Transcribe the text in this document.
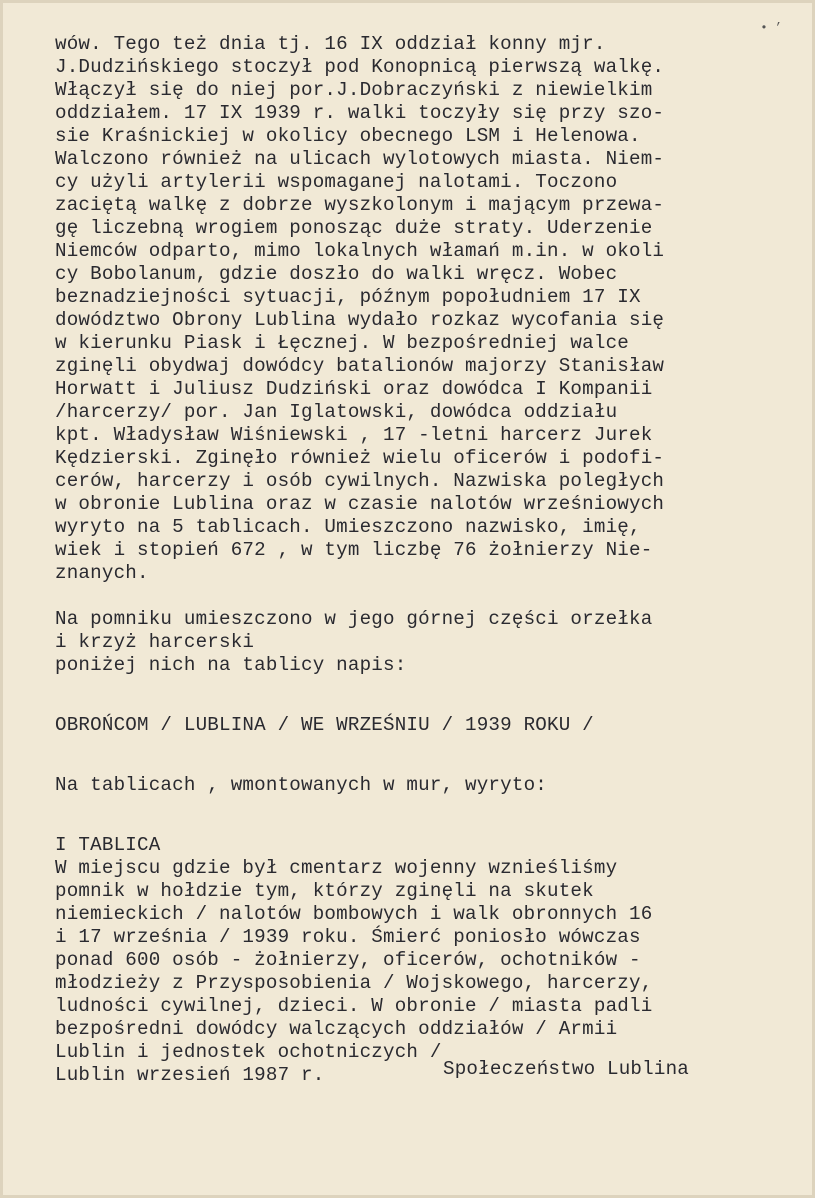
• ’
wów. Tego też dnia tj. 16 IX oddział konny mjr.
J.Dudzińskiego stoczył pod Konopnicą pierwszą walkę.
Włączył się do niej por.J.Dobraczyński z niewielkim
oddziałem. 17 IX 1939 r. walki toczyły się przy szo-
sie Kraśnickiej w okolicy obecnego LSM i Helenowa.
Walczono również na ulicach wylotowych miasta. Niem-
cy użyli artylerii wspomaganej nalotami. Toczono
zaciętą walkę z dobrze wyszkolonym i mającym przewa-
gę liczebną wrogiem ponosząc duże straty. Uderzenie
Niemców odparto, mimo lokalnych włamań m.in. w okoli
cy Bobolanum, gdzie doszło do walki wręcz. Wobec
beznadziejności sytuacji, późnym popołudniem 17 IX
dowództwo Obrony Lublina wydało rozkaz wycofania się
w kierunku Piask i Łęcznej. W bezpośredniej walce
zginęli obydwaj dowódcy batalionów majorzy Stanisław
Horwatt i Juliusz Dudziński oraz dowódca I Kompanii
/harcerzy/ por. Jan Iglatowski, dowódca oddziału
kpt. Władysław Wiśniewski , 17 -letni harcerz Jurek
Kędzierski. Zginęło również wielu oficerów i podofi-
cerów, harcerzy i osób cywilnych. Nazwiska poległych
w obronie Lublina oraz w czasie nalotów wrześniowych
wyryto na 5 tablicach. Umieszczono nazwisko, imię,
wiek i stopień 672 , w tym liczbę 76 żołnierzy Nie-
znanych.
Na pomniku umieszczono w jego górnej części orzełka
i krzyż harcerski
poniżej nich na tablicy napis:
OBROŃCOM / LUBLINA / WE WRZEŚNIU / 1939 ROKU /
Na tablicach , wmontowanych w mur, wyryto:
I TABLICA
W miejscu gdzie był cmentarz wojenny wznieśliśmy
pomnik w hołdzie tym, którzy zginęli na skutek
niemieckich / nalotów bombowych i walk obronnych 16
i 17 września / 1939 roku. Śmierć poniosło wówczas
ponad 600 osób - żołnierzy, oficerów, ochotników -
młodzieży z Przysposobienia / Wojskowego, harcerzy,
ludności cywilnej, dzieci. W obronie / miasta padli
bezpośredni dowódcy walczących oddziałów / Armii
Lublin i jednostek ochotniczych /
Lublin wrzesień 1987 r.	Społeczeństwo Lublina
